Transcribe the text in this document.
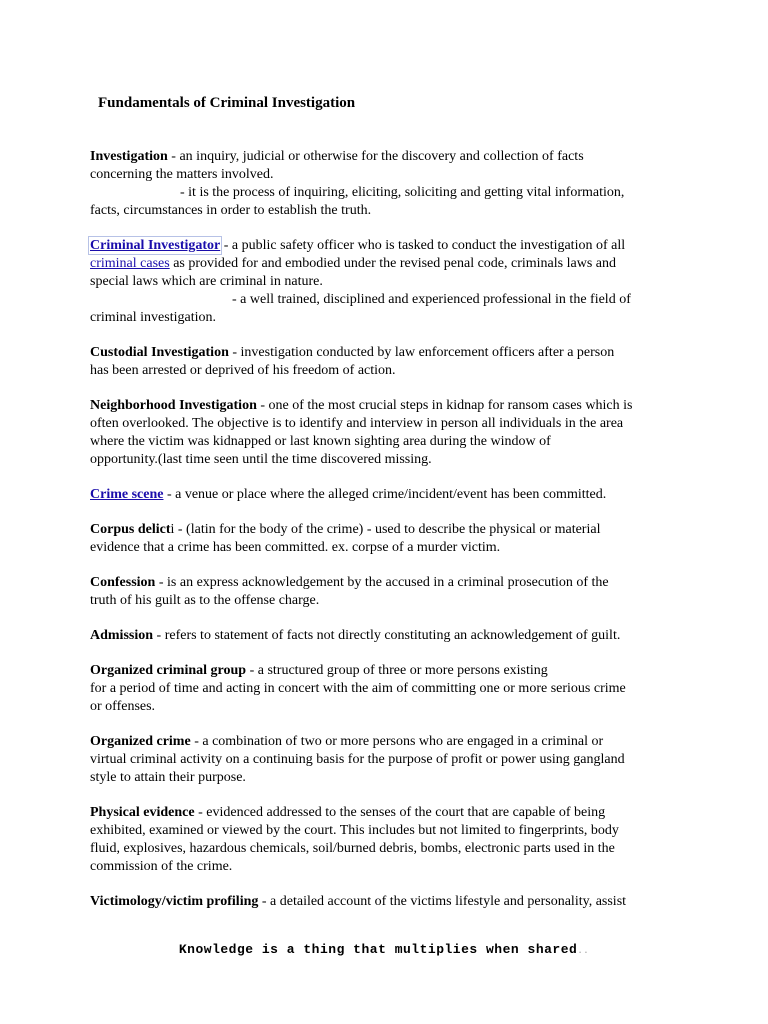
Fundamentals of Criminal Investigation
Investigation - an inquiry, judicial or otherwise for the discovery and collection of facts
concerning the matters involved.
- it is the process of inquiring, eliciting, soliciting and getting vital information,
facts, circumstances in order to establish the truth.
Criminal Investigator - a public safety officer who is tasked to conduct the investigation of all
criminal cases as provided for and embodied under the revised penal code, criminals laws and
special laws which are criminal in nature.
- a well trained, disciplined and experienced professional in the field of
criminal investigation.
Custodial Investigation - investigation conducted by law enforcement officers after a person
has been arrested or deprived of his freedom of action.
Neighborhood Investigation - one of the most crucial steps in kidnap for ransom cases which is
often overlooked. The objective is to identify and interview in person all individuals in the area
where the victim was kidnapped or last known sighting area during the window of
opportunity.(last time seen until the time discovered missing.
Crime scene - a venue or place where the alleged crime/incident/event has been committed.
Corpus delicti - (latin for the body of the crime) - used to describe the physical or material
evidence that a crime has been committed. ex. corpse of a murder victim.
Confession - is an express acknowledgement by the accused in a criminal prosecution of the
truth of his guilt as to the offense charge.
Admission - refers to statement of facts not directly constituting an acknowledgement of guilt.
Organized criminal group - a structured group of three or more persons existing
for a period of time and acting in concert with the aim of committing one or more serious crime
or offenses.
Organized crime - a combination of two or more persons who are engaged in a criminal or
virtual criminal activity on a continuing basis for the purpose of profit or power using gangland
style to attain their purpose.
Physical evidence - evidenced addressed to the senses of the court that are capable of being
exhibited, examined or viewed by the court. This includes but not limited to fingerprints, body
fluid, explosives, hazardous chemicals, soil/burned debris, bombs, electronic parts used in the
commission of the crime.
Victimology/victim profiling - a detailed account of the victims lifestyle and personality, assist
Knowledge is a thing that multiplies when shared..
